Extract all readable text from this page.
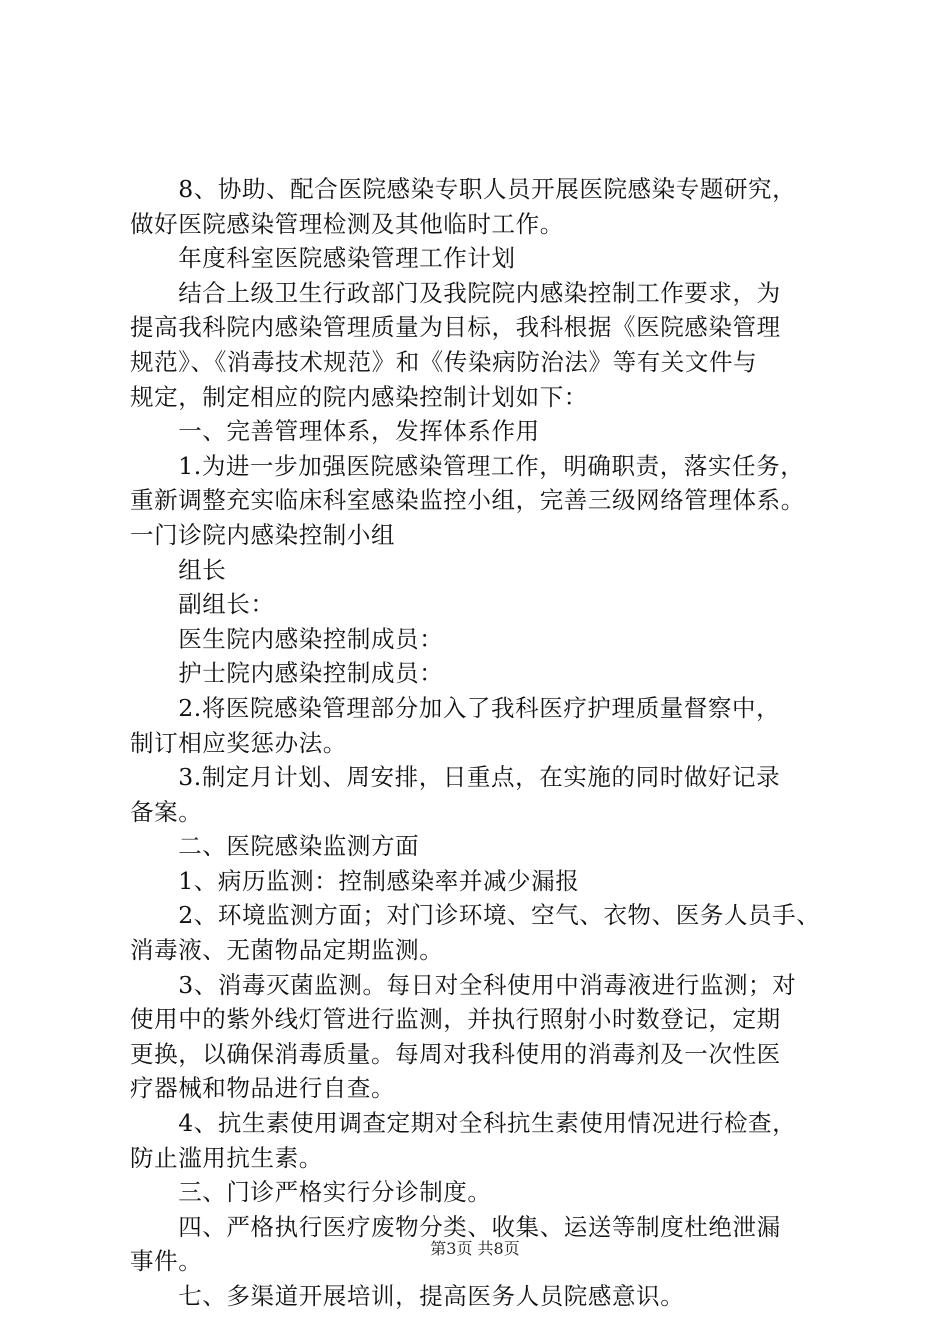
　　8、协助、配合医院感染专职人员开展医院感染专题研究，
做好医院感染管理检测及其他临时工作。
　　年度科室医院感染管理工作计划
　　结合上级卫生行政部门及我院院内感染控制工作要求，为
提高我科院内感染管理质量为目标，我科根据《医院感染管理
规范》、《消毒技术规范》和《传染病防治法》等有关文件与
规定，制定相应的院内感染控制计划如下：
　　一、完善管理体系，发挥体系作用
　　1.为进一步加强医院感染管理工作，明确职责，落实任务，
重新调整充实临床科室感染监控小组，完善三级网络管理体系。
一门诊院内感染控制小组
　　组长
　　副组长：
　　医生院内感染控制成员：
　　护士院内感染控制成员：
　　2.将医院感染管理部分加入了我科医疗护理质量督察中，
制订相应奖惩办法。
　　3.制定月计划、周安排，日重点，在实施的同时做好记录
备案。
　　二、医院感染监测方面
　　1、病历监测：控制感染率并减少漏报
　　2、环境监测方面；对门诊环境、空气、衣物、医务人员手、
消毒液、无菌物品定期监测。
　　3、消毒灭菌监测。每日对全科使用中消毒液进行监测；对
使用中的紫外线灯管进行监测，并执行照射小时数登记，定期
更换，以确保消毒质量。每周对我科使用的消毒剂及一次性医
疗器械和物品进行自查。
　　4、抗生素使用调查定期对全科抗生素使用情况进行检查，
防止滥用抗生素。
　　三、门诊严格实行分诊制度。
　　四、严格执行医疗废物分类、收集、运送等制度杜绝泄漏
事件。
　　七、多渠道开展培训，提高医务人员院感意识。
第3页 共8页
